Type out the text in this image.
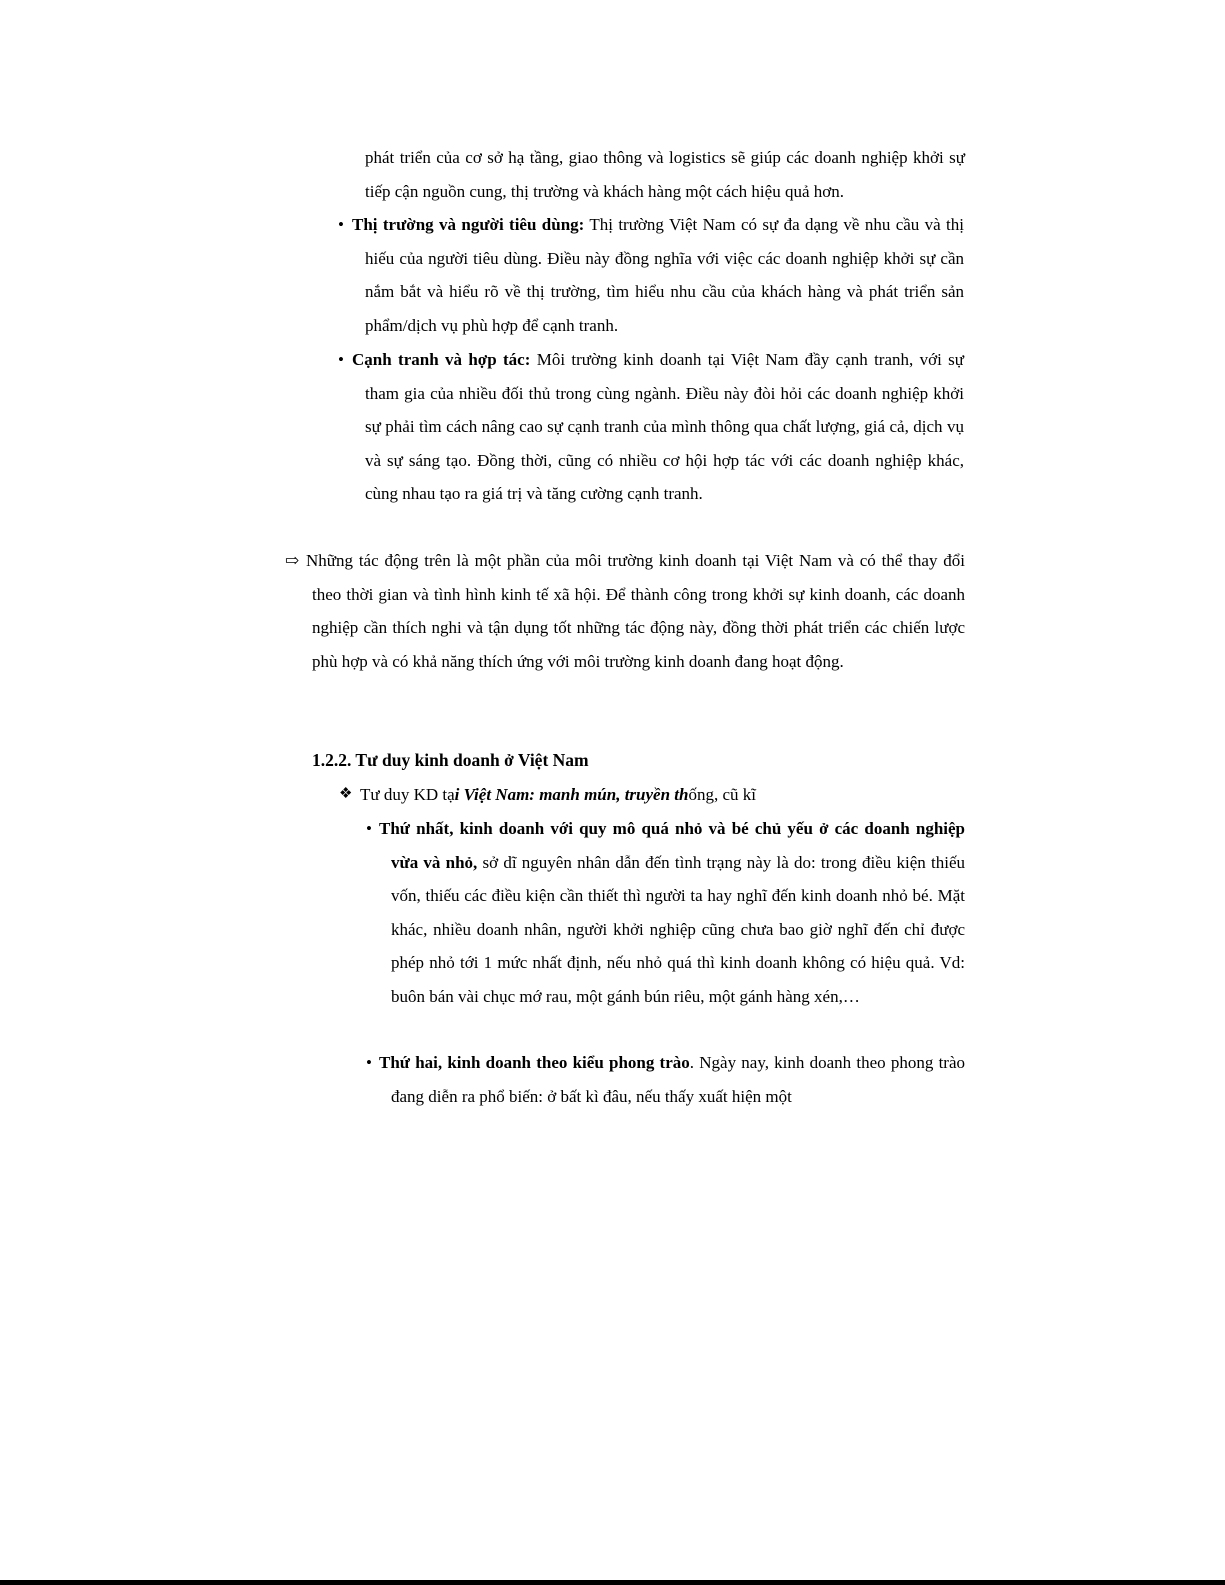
phát triển của cơ sở hạ tầng, giao thông và logistics sẽ giúp các doanh nghiệp khởi sự tiếp cận nguồn cung, thị trường và khách hàng một cách hiệu quả hơn.

• Thị trường và người tiêu dùng: Thị trường Việt Nam có sự đa dạng về nhu cầu và thị hiếu của người tiêu dùng. Điều này đồng nghĩa với việc các doanh nghiệp khởi sự cần nắm bắt và hiểu rõ về thị trường, tìm hiểu nhu cầu của khách hàng và phát triển sản phẩm/dịch vụ phù hợp để cạnh tranh.

• Cạnh tranh và hợp tác: Môi trường kinh doanh tại Việt Nam đầy cạnh tranh, với sự tham gia của nhiều đối thủ trong cùng ngành. Điều này đòi hỏi các doanh nghiệp khởi sự phải tìm cách nâng cao sự cạnh tranh của mình thông qua chất lượng, giá cả, dịch vụ và sự sáng tạo. Đồng thời, cũng có nhiều cơ hội hợp tác với các doanh nghiệp khác, cùng nhau tạo ra giá trị và tăng cường cạnh tranh.

⇨ Những tác động trên là một phần của môi trường kinh doanh tại Việt Nam và có thể thay đổi theo thời gian và tình hình kinh tế xã hội. Để thành công trong khởi sự kinh doanh, các doanh nghiệp cần thích nghi và tận dụng tốt những tác động này, đồng thời phát triển các chiến lược phù hợp và có khả năng thích ứng với môi trường kinh doanh đang hoạt động.

1.2.2. Tư duy kinh doanh ở Việt Nam
❖ Tư duy KD tại Việt Nam: manh mún, truyền thống, cũ kĩ

• Thứ nhất, kinh doanh với quy mô quá nhỏ và bé chủ yếu ở các doanh nghiệp vừa và nhỏ, sở dĩ nguyên nhân dẫn đến tình trạng này là do: trong điều kiện thiếu vốn, thiếu các điều kiện cần thiết thì người ta hay nghĩ đến kinh doanh nhỏ bé. Mặt khác, nhiều doanh nhân, người khởi nghiệp cũng chưa bao giờ nghĩ đến chỉ được phép nhỏ tới 1 mức nhất định, nếu nhỏ quá thì kinh doanh không có hiệu quả. Vd: buôn bán vài chục mớ rau, một gánh bún riêu, một gánh hàng xén,…

• Thứ hai, kinh doanh theo kiểu phong trào. Ngày nay, kinh doanh theo phong trào đang diễn ra phổ biến: ở bất kì đâu, nếu thấy xuất hiện một
